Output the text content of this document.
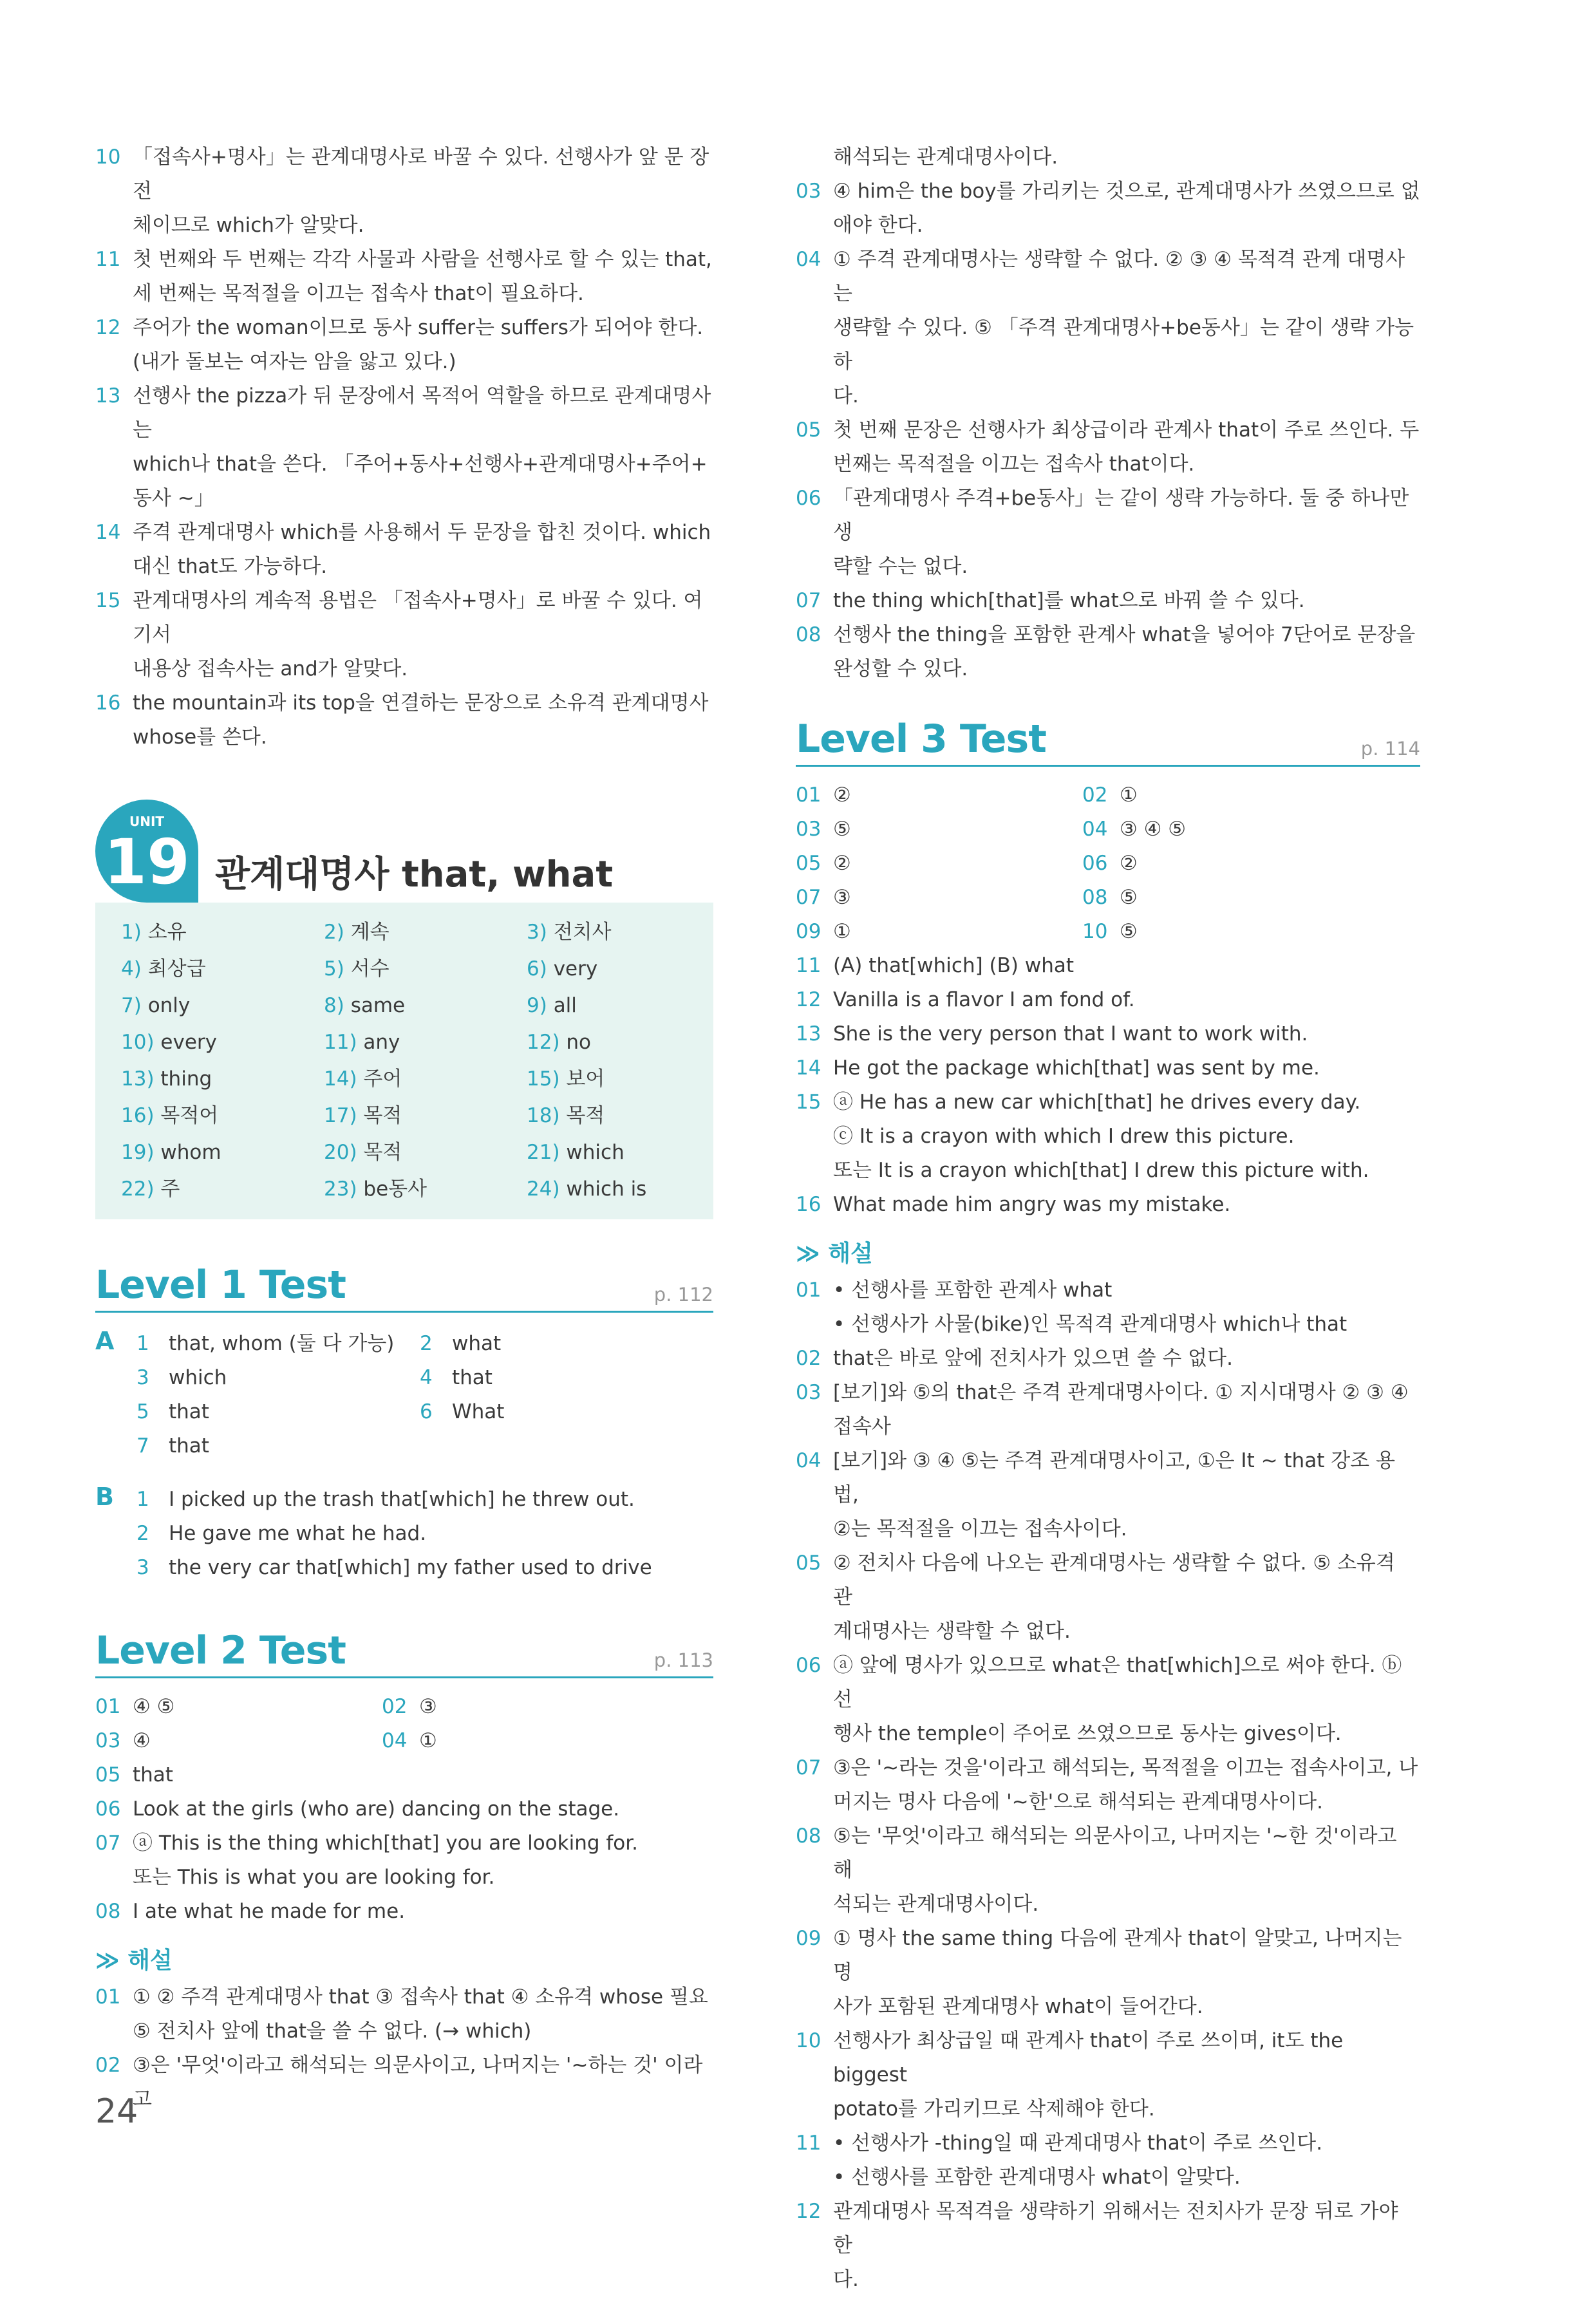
10 「접속사+명사」는 관계대명사로 바꿀 수 있다. 선행사가 앞 문 장 전
체이므로 which가 알맞다.
11 첫 번째와 두 번째는 각각 사물과 사람을 선행사로 할 수 있는 that,
세 번째는 목적절을 이끄는 접속사 that이 필요하다.
12 주어가 the woman이므로 동사 suffer는 suffers가 되어야 한다.
(내가 돌보는 여자는 암을 앓고 있다.)
13 선행사 the pizza가 뒤 문장에서 목적어 역할을 하므로 관계대명사는
which나 that을 쓴다. 「주어+동사+선행사+관계대명사+주어+
동사 ~」
14 주격 관계대명사 which를 사용해서 두 문장을 합친 것이다. which
대신 that도 가능하다.
15 관계대명사의 계속적 용법은 「접속사+명사」로 바꿀 수 있다. 여기서
내용상 접속사는 and가 알맞다.
16 the mountain과 its top을 연결하는 문장으로 소유격 관계대명사
whose를 쓴다.
UNIT
19 관계대명사 that, what
1) 소유	2) 계속	3) 전치사
4) 최상급	5) 서수	6) very
7) only	8) same	9) all
10) every	11) any	12) no
13) thing	14) 주어	15) 보어
16) 목적어	17) 목적	18) 목적
19) whom	20) 목적	21) which
22) 주	23) be동사	24) which is
Level 1 Test	p. 112
A	1 that, whom (둘 다 가능)	2 what
3 which	4 that
5 that	6 What
7 that
B	1 I picked up the trash that[which] he threw out.
2 He gave me what he had.
3 the very car that[which] my father used to drive
Level 2 Test	p. 113
01 ④ ⑤	02 ③
03 ④	04 ①
05 that
06 Look at the girls (who are) dancing on the stage.
07 ⓐ This is the thing which[that] you are looking for.
또는 This is what you are looking for.
08 I ate what he made for me.
≫ 해설
01 ① ② 주격 관계대명사 that ③ 접속사 that ④ 소유격 whose 필요
⑤ 전치사 앞에 that을 쓸 수 없다. (→ which)
02 ③은 '무엇'이라고 해석되는 의문사이고, 나머지는 '~하는 것' 이라고
해석되는 관계대명사이다.
03 ④ him은 the boy를 가리키는 것으로, 관계대명사가 쓰였으므로 없
애야 한다.
04 ① 주격 관계대명사는 생략할 수 없다. ② ③ ④ 목적격 관계 대명사는
생략할 수 있다. ⑤ 「주격 관계대명사+be동사」는 같이 생략 가능하
다.
05 첫 번째 문장은 선행사가 최상급이라 관계사 that이 주로 쓰인다. 두
번째는 목적절을 이끄는 접속사 that이다.
06 「관계대명사 주격+be동사」는 같이 생략 가능하다. 둘 중 하나만 생
략할 수는 없다.
07 the thing which[that]를 what으로 바꿔 쓸 수 있다.
08 선행사 the thing을 포함한 관계사 what을 넣어야 7단어로 문장을
완성할 수 있다.
Level 3 Test	p. 114
01 ②	02 ①
03 ⑤	04 ③ ④ ⑤
05 ②	06 ②
07 ③	08 ⑤
09 ①	10 ⑤
11 (A) that[which] (B) what
12 Vanilla is a flavor I am fond of.
13 She is the very person that I want to work with.
14 He got the package which[that] was sent by me.
15 ⓐ He has a new car which[that] he drives every day.
ⓒ It is a crayon with which I drew this picture.
또는 It is a crayon which[that] I drew this picture with.
16 What made him angry was my mistake.
≫ 해설
01 • 선행사를 포함한 관계사 what
• 선행사가 사물(bike)인 목적격 관계대명사 which나 that
02 that은 바로 앞에 전치사가 있으면 쓸 수 없다.
03 [보기]와 ⑤의 that은 주격 관계대명사이다. ① 지시대명사 ② ③ ④
접속사
04 [보기]와 ③ ④ ⑤는 주격 관계대명사이고, ①은 It ~ that 강조 용법,
②는 목적절을 이끄는 접속사이다.
05 ② 전치사 다음에 나오는 관계대명사는 생략할 수 없다. ⑤ 소유격 관
계대명사는 생략할 수 없다.
06 ⓐ 앞에 명사가 있으므로 what은 that[which]으로 써야 한다. ⓑ 선
행사 the temple이 주어로 쓰였으므로 동사는 gives이다.
07 ③은 '~라는 것을'이라고 해석되는, 목적절을 이끄는 접속사이고, 나
머지는 명사 다음에 '~한'으로 해석되는 관계대명사이다.
08 ⑤는 '무엇'이라고 해석되는 의문사이고, 나머지는 '~한 것'이라고 해
석되는 관계대명사이다.
09 ① 명사 the same thing 다음에 관계사 that이 알맞고, 나머지는 명
사가 포함된 관계대명사 what이 들어간다.
10 선행사가 최상급일 때 관계사 that이 주로 쓰이며, it도 the biggest
potato를 가리키므로 삭제해야 한다.
11 • 선행사가 -thing일 때 관계대명사 that이 주로 쓰인다.
• 선행사를 포함한 관계대명사 what이 알맞다.
12 관계대명사 목적격을 생략하기 위해서는 전치사가 문장 뒤로 가야 한
다.
24
